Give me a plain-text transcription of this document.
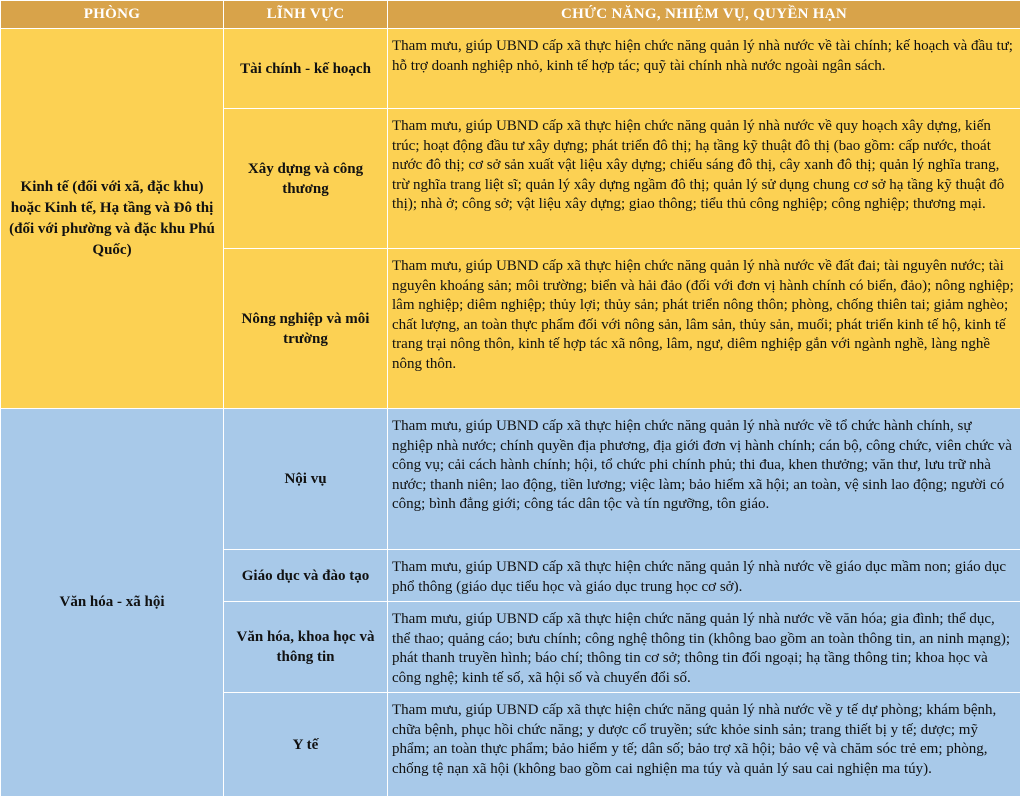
PHÒNG	LĨNH VỰC	CHỨC NĂNG, NHIỆM VỤ, QUYỀN HẠN
Kinh tế (đối với xã, đặc khu) hoặc Kinh tế, Hạ tầng và Đô thị (đối với phường và đặc khu Phú Quốc)	Tài chính - kế hoạch	Tham mưu, giúp UBND cấp xã thực hiện chức năng quản lý nhà nước về tài chính; kế hoạch và đầu tư; hỗ trợ doanh nghiệp nhỏ, kinh tế hợp tác; quỹ tài chính nhà nước ngoài ngân sách.
	Xây dựng và công thương	Tham mưu, giúp UBND cấp xã thực hiện chức năng quản lý nhà nước về quy hoạch xây dựng, kiến trúc; hoạt động đầu tư xây dựng; phát triển đô thị; hạ tầng kỹ thuật đô thị (bao gồm: cấp nước, thoát nước đô thị; cơ sở sản xuất vật liệu xây dựng; chiếu sáng đô thị, cây xanh đô thị; quản lý nghĩa trang, trừ nghĩa trang liệt sĩ; quản lý xây dựng ngầm đô thị; quản lý sử dụng chung cơ sở hạ tầng kỹ thuật đô thị); nhà ở; công sở; vật liệu xây dựng; giao thông; tiểu thủ công nghiệp; công nghiệp; thương mại.
	Nông nghiệp và môi trường	Tham mưu, giúp UBND cấp xã thực hiện chức năng quản lý nhà nước về đất đai; tài nguyên nước; tài nguyên khoáng sản; môi trường; biển và hải đảo (đối với đơn vị hành chính có biển, đảo); nông nghiệp; lâm nghiệp; diêm nghiệp; thủy lợi; thủy sản; phát triển nông thôn; phòng, chống thiên tai; giảm nghèo; chất lượng, an toàn thực phẩm đối với nông sản, lâm sản, thủy sản, muối; phát triển kinh tế hộ, kinh tế trang trại nông thôn, kinh tế hợp tác xã nông, lâm, ngư, diêm nghiệp gắn với ngành nghề, làng nghề nông thôn.
Văn hóa - xã hội	Nội vụ	Tham mưu, giúp UBND cấp xã thực hiện chức năng quản lý nhà nước về tổ chức hành chính, sự nghiệp nhà nước; chính quyền địa phương, địa giới đơn vị hành chính; cán bộ, công chức, viên chức và công vụ; cải cách hành chính; hội, tổ chức phi chính phủ; thi đua, khen thưởng; văn thư, lưu trữ nhà nước; thanh niên; lao động, tiền lương; việc làm; bảo hiểm xã hội; an toàn, vệ sinh lao động; người có công; bình đẳng giới; công tác dân tộc và tín ngưỡng, tôn giáo.
	Giáo dục và đào tạo	Tham mưu, giúp UBND cấp xã thực hiện chức năng quản lý nhà nước về giáo dục mầm non; giáo dục phổ thông (giáo dục tiểu học và giáo dục trung học cơ sở).
	Văn hóa, khoa học và thông tin	Tham mưu, giúp UBND cấp xã thực hiện chức năng quản lý nhà nước về văn hóa; gia đình; thể dục, thể thao; quảng cáo; bưu chính; công nghệ thông tin (không bao gồm an toàn thông tin, an ninh mạng); phát thanh truyền hình; báo chí; thông tin cơ sở; thông tin đối ngoại; hạ tầng thông tin; khoa học và công nghệ; kinh tế số, xã hội số và chuyển đổi số.
	Y tế	Tham mưu, giúp UBND cấp xã thực hiện chức năng quản lý nhà nước về y tế dự phòng; khám bệnh, chữa bệnh, phục hồi chức năng; y dược cổ truyền; sức khỏe sinh sản; trang thiết bị y tế; dược; mỹ phẩm; an toàn thực phẩm; bảo hiểm y tế; dân số; bảo trợ xã hội; bảo vệ và chăm sóc trẻ em; phòng, chống tệ nạn xã hội (không bao gồm cai nghiện ma túy và quản lý sau cai nghiện ma túy).
